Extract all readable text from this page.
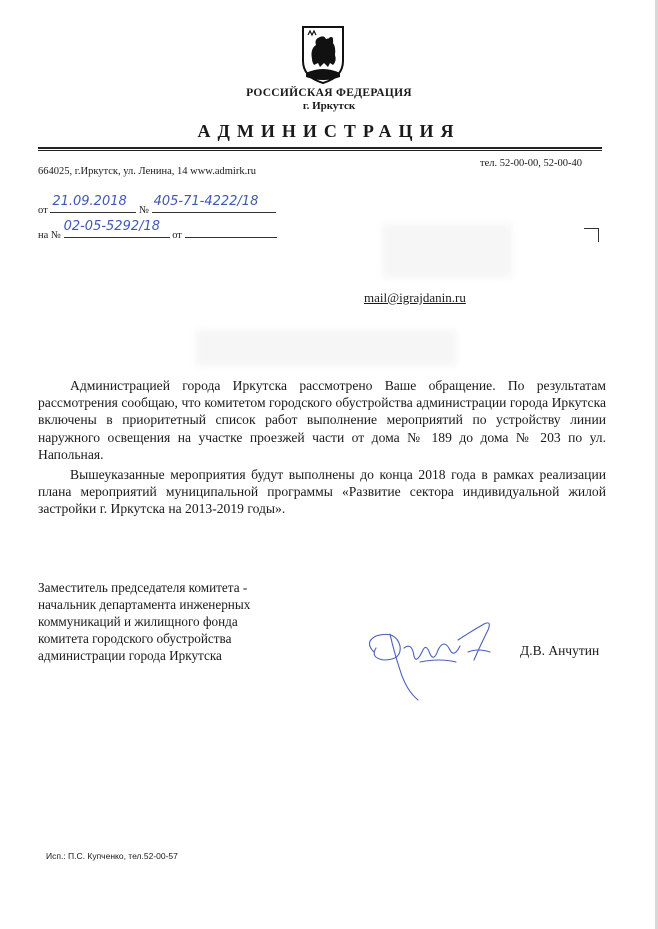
РОССИЙСКАЯ ФЕДЕРАЦИЯ
г. Иркутск
АДМИНИСТРАЦИЯ
664025, г.Иркутск, ул. Ленина, 14 www.admirk.ru
тел. 52-00-00, 52-00-40
от
21.09.2018
№
405-71-4222/18
на №
02-05-5292/18
от
mail@igrajdanin.ru
Администрацией города Иркутска рассмотрено Ваше обращение. По результатам рассмотрения сообщаю, что комитетом городского обустройства администрации города Иркутска включены в приоритетный список работ выполнение мероприятий по устройству линии наружного освещения на участке проезжей части от дома № 189 до дома № 203 по ул. Напольная.
Вышеуказанные мероприятия будут выполнены до конца 2018 года в рамках реализации плана мероприятий муниципальной программы «Развитие сектора индивидуальной жилой застройки г. Иркутска на 2013-2019 годы».
Заместитель председателя комитета -
начальник департамента инженерных
коммуникаций и жилищного фонда
комитета городского обустройства
администрации города Иркутска	Д.В. Анчутин
Исп.: П.С. Купченко, тел.52-00-57
